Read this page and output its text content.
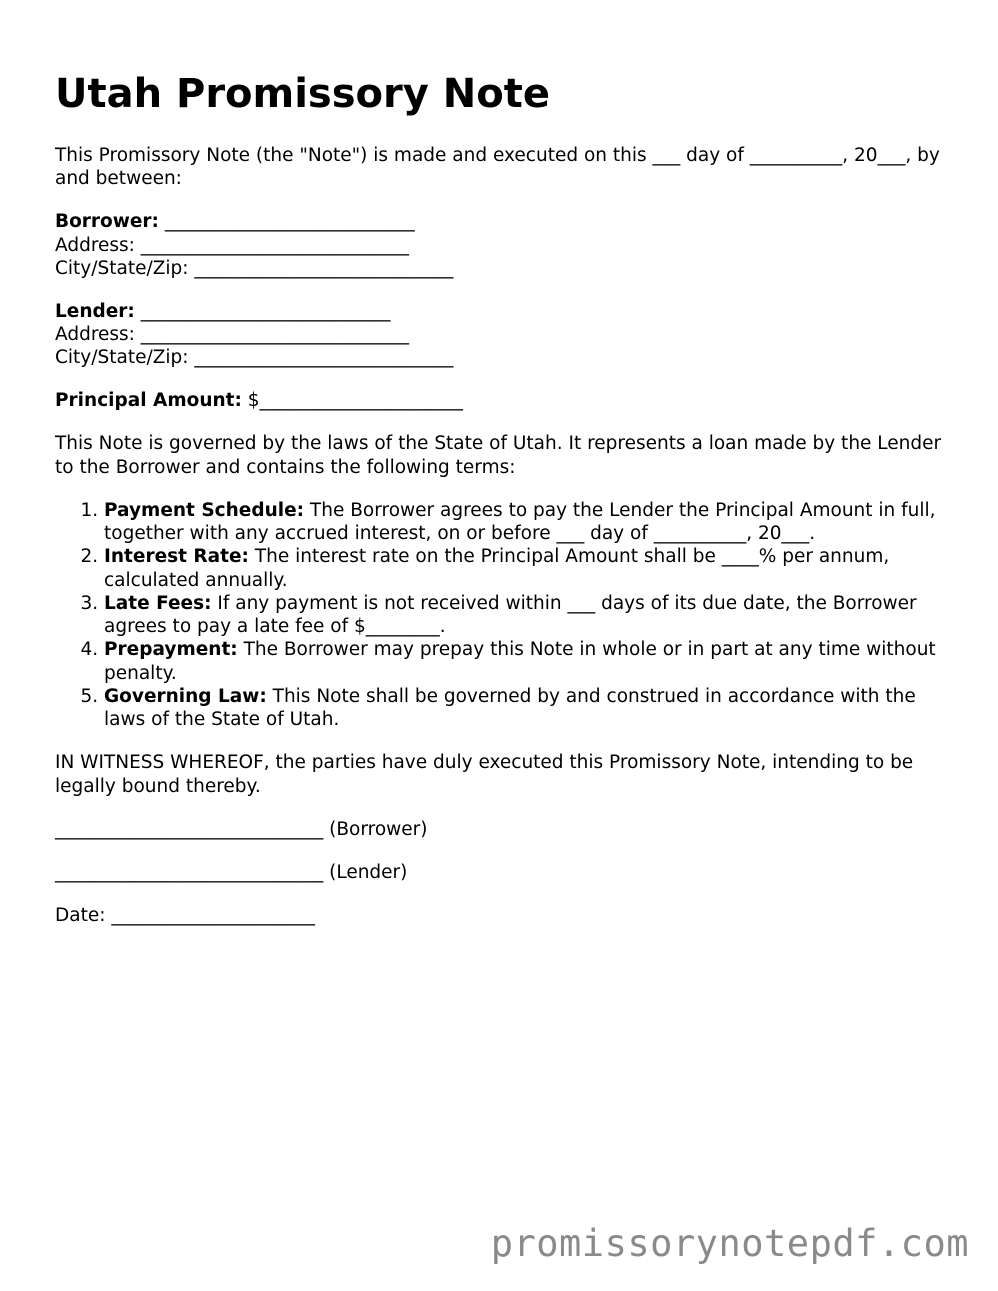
Utah Promissory Note

This Promissory Note (the "Note") is made and executed on this ___ day of __________, 20___, by and between:

Borrower: ___________________________
Address: _____________________________
City/State/Zip: ____________________________
Lender: ___________________________
Address: _____________________________
City/State/Zip: ____________________________
Principal Amount: $______________________

This Note is governed by the laws of the State of Utah. It represents a loan made by the Lender to the Borrower and contains the following terms:

1. Payment Schedule: The Borrower agrees to pay the Lender the Principal Amount in full, together with any accrued interest, on or before ___ day of __________, 20___.
2. Interest Rate: The interest rate on the Principal Amount shall be ____% per annum, calculated annually.
3. Late Fees: If any payment is not received within ___ days of its due date, the Borrower agrees to pay a late fee of $________.
4. Prepayment: The Borrower may prepay this Note in whole or in part at any time without penalty.
5. Governing Law: This Note shall be governed by and construed in accordance with the laws of the State of Utah.

IN WITNESS WHEREOF, the parties have duly executed this Promissory Note, intending to be legally bound thereby.

_____________________________ (Borrower)
_____________________________ (Lender)
Date: ______________________
promissorynotepdf.com
